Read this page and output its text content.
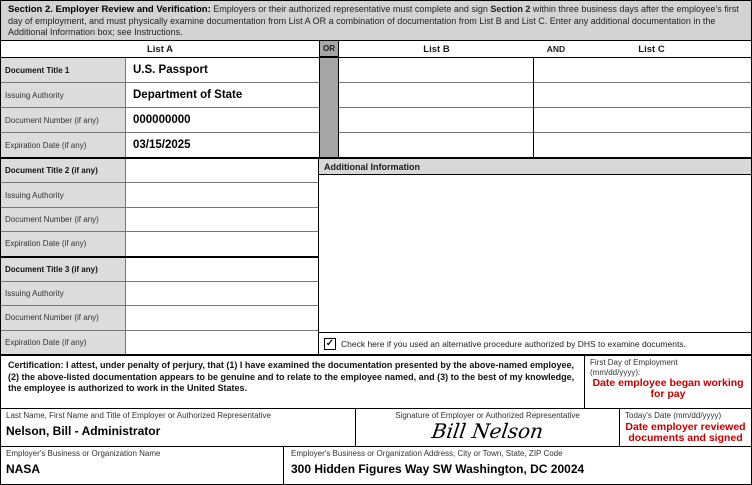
Section 2. Employer Review and Verification: Employers or their authorized representative must complete and sign Section 2 within three business days after the employee's first day of employment, and must physically examine documentation from List A OR a combination of documentation from List B and List C. Enter any additional documentation in the Additional Information box; see Instructions.
List A	OR	List B	AND	List C
Document Title 1	U.S. Passport
Issuing Authority	Department of State
Document Number (if any)	000000000
Expiration Date (if any)	03/15/2025
Document Title 2 (if any)
Issuing Authority
Document Number (if any)
Expiration Date (if any)
Document Title 3 (if any)
Issuing Authority
Document Number (if any)
Expiration Date (if any)
Additional Information
✓ Check here if you used an alternative procedure authorized by DHS to examine documents.
Certification: I attest, under penalty of perjury, that (1) I have examined the documentation presented by the above-named employee, (2) the above-listed documentation appears to be genuine and to relate to the employee named, and (3) to the best of my knowledge, the employee is authorized to work in the United States.
First Day of Employment
(mm/dd/yyyy):
Date employee began working for pay
Last Name, First Name and Title of Employer or Authorized Representative
Nelson, Bill - Administrator
Signature of Employer or Authorized Representative
Bill Nelson
Today's Date (mm/dd/yyyy)
Date employer reviewed documents and signed
Employer's Business or Organization Name
NASA
Employer's Business or Organization Address, City or Town, State, ZIP Code
300 Hidden Figures Way SW Washington, DC 20024
